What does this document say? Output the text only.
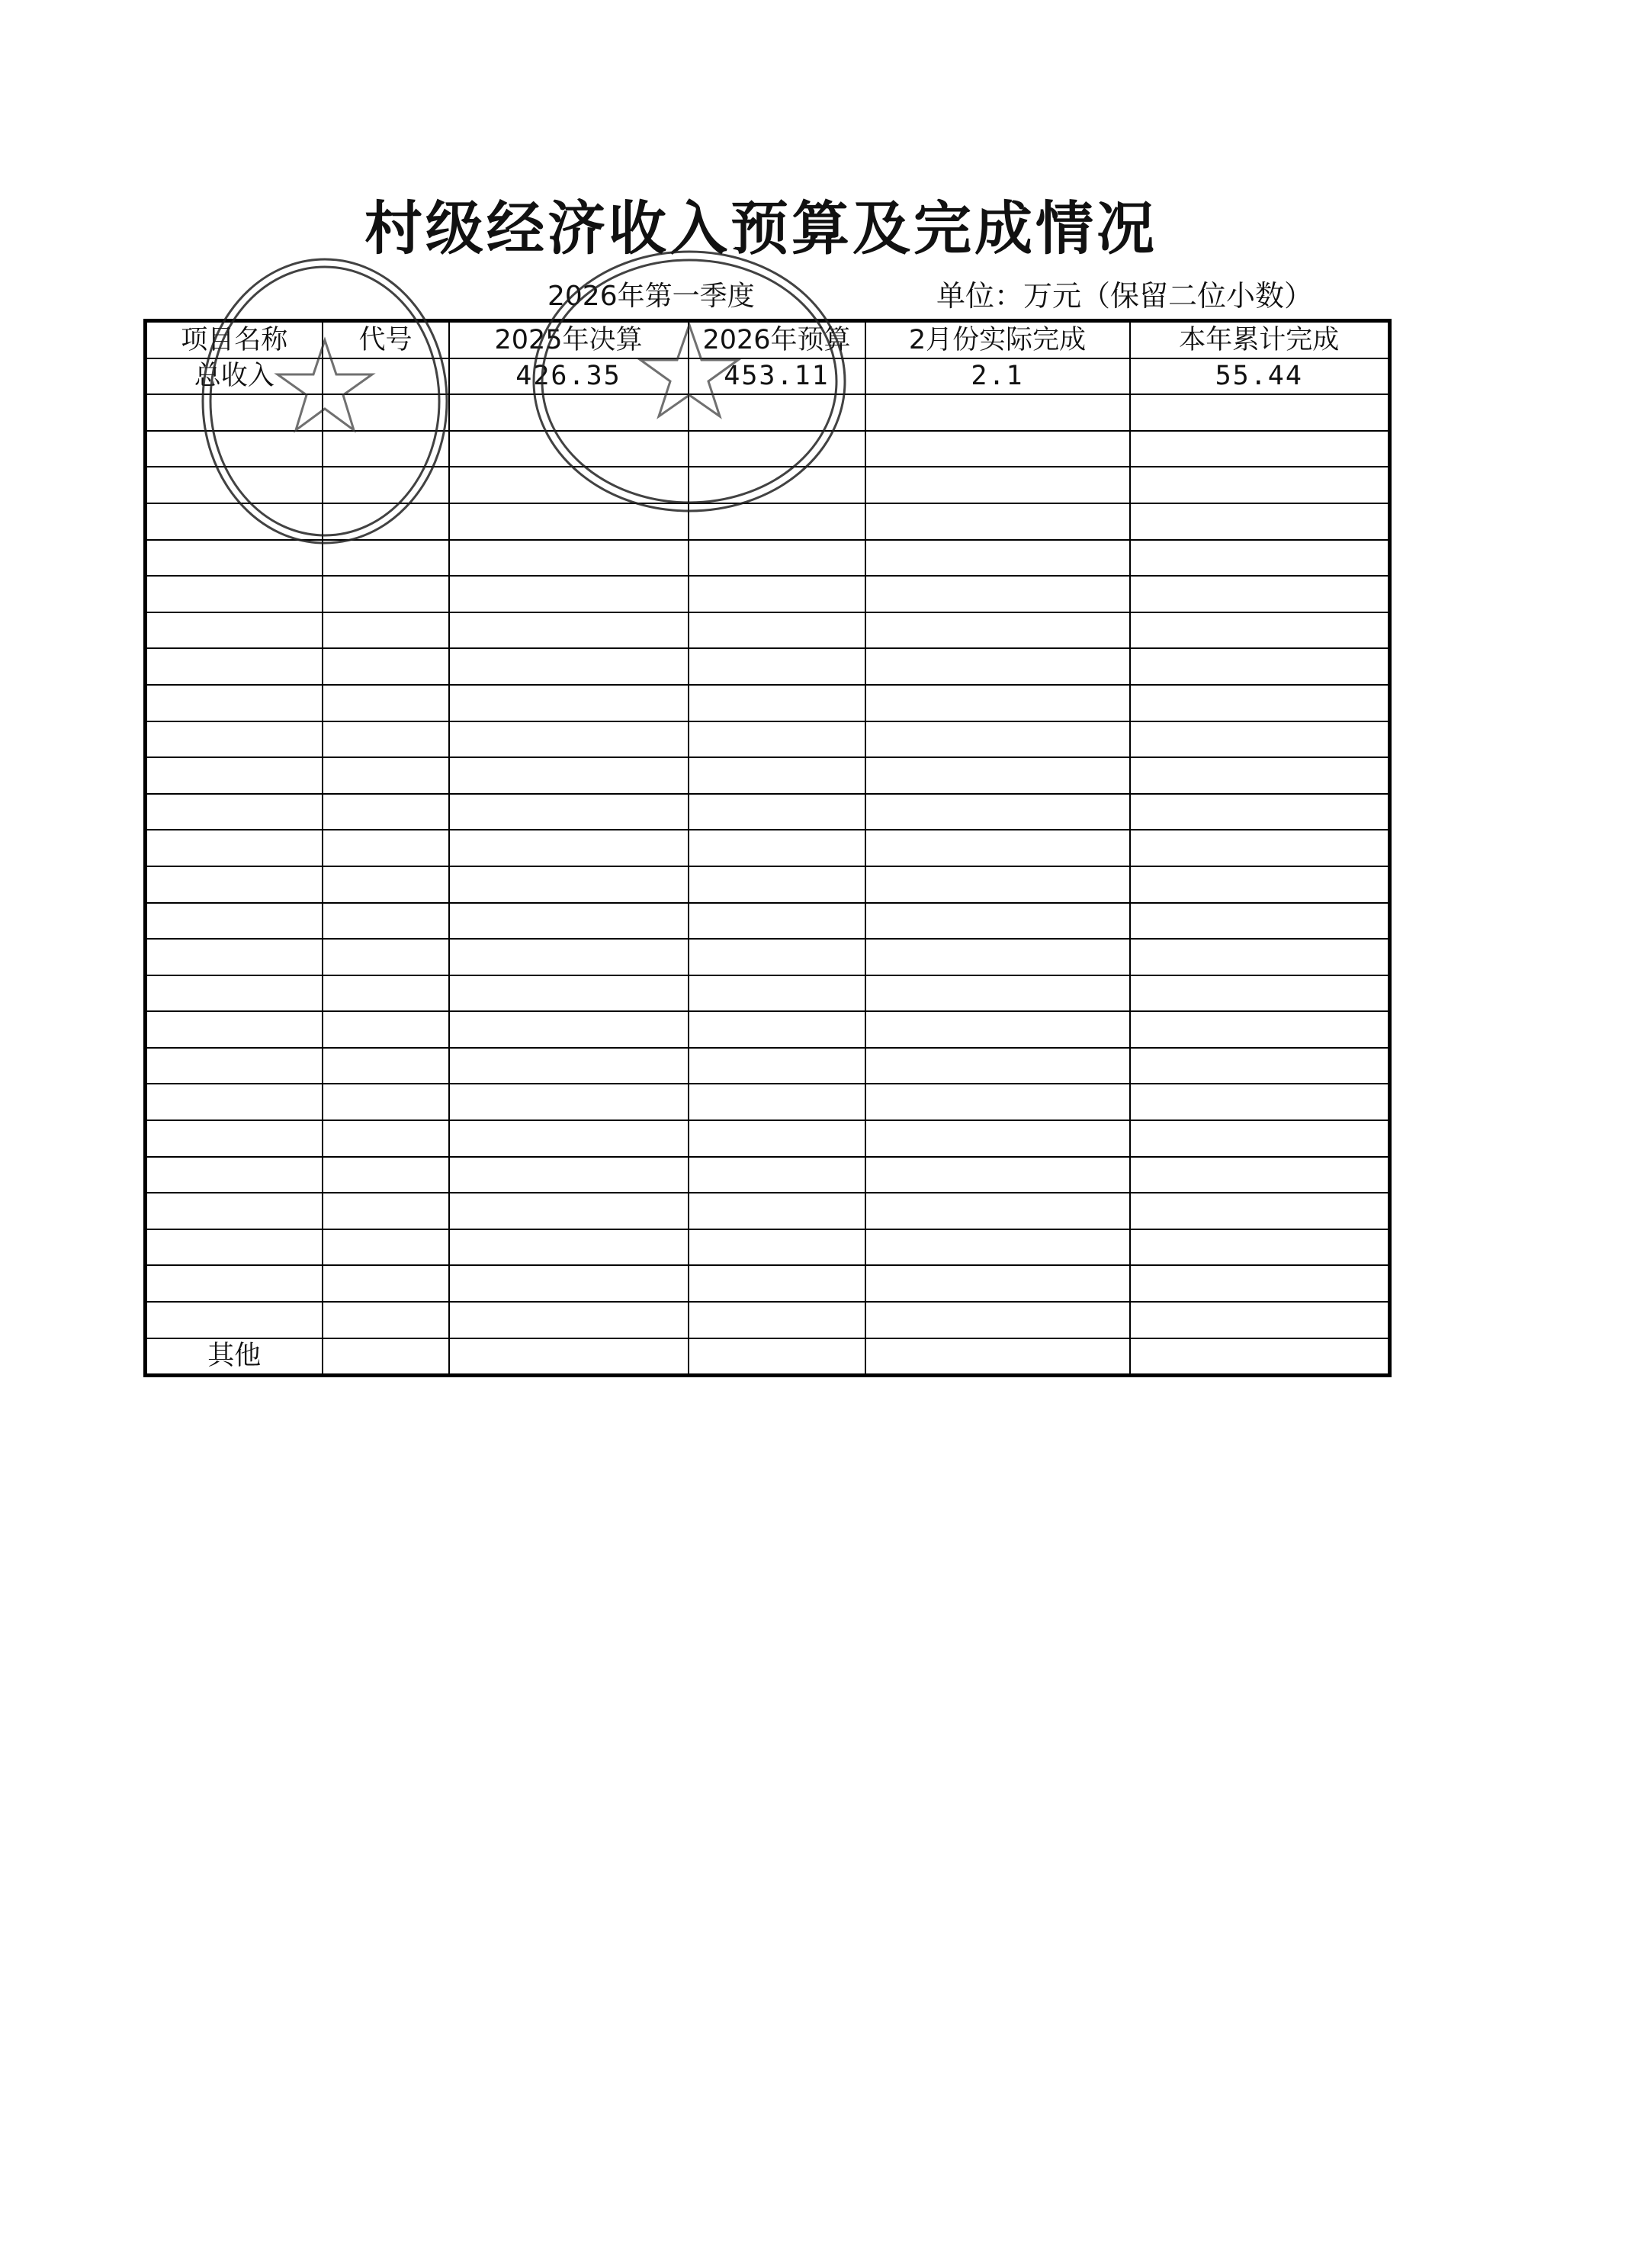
村级经济收入预算及完成情况
2026年第一季度	单位：万元（保留二位小数）
项目名称	代号	2025年决算	2026年预算	2月份实际完成	本年累计完成
总收入		426.35	453.11	2.1	55.44

其他					
